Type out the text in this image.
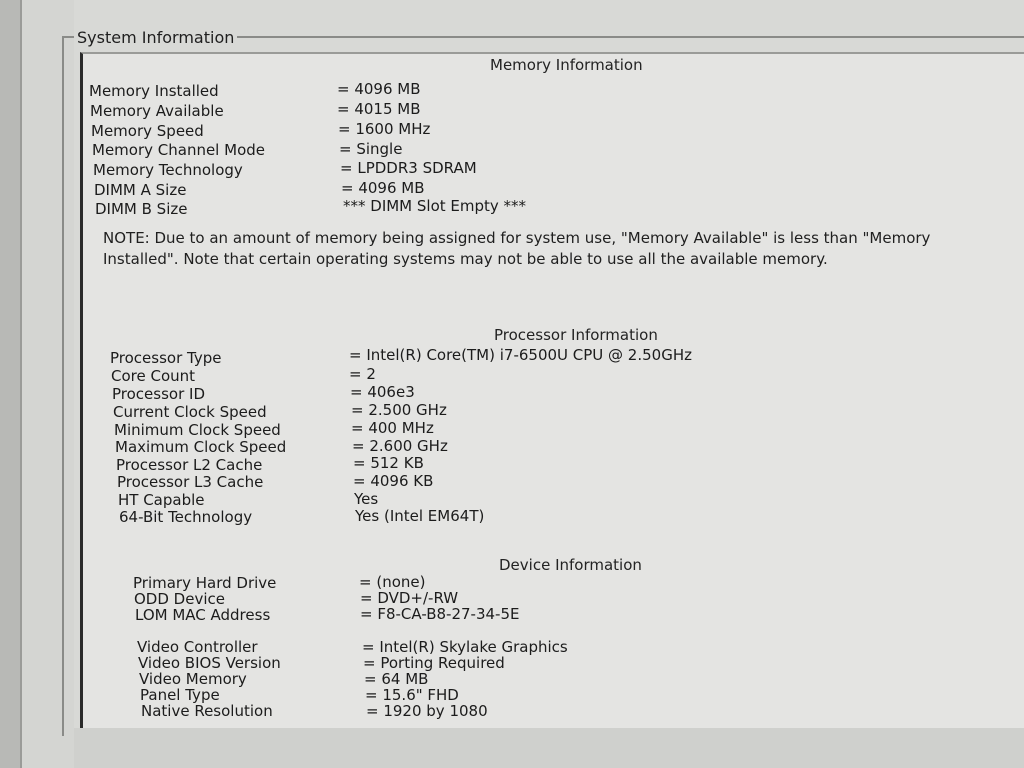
System Information
Memory Information
Memory Installed	= 4096 MB
Memory Available	= 4015 MB
Memory Speed	= 1600 MHz
Memory Channel Mode	= Single
Memory Technology	= LPDDR3 SDRAM
DIMM A Size	= 4096 MB
DIMM B Size	*** DIMM Slot Empty ***
NOTE: Due to an amount of memory being assigned for system use, "Memory Available" is less than "Memory Installed". Note that certain operating systems may not be able to use all the available memory.
Processor Information
Processor Type	= Intel(R) Core(TM) i7-6500U CPU @ 2.50GHz
Core Count	= 2
Processor ID	= 406e3
Current Clock Speed	= 2.500 GHz
Minimum Clock Speed	= 400 MHz
Maximum Clock Speed	= 2.600 GHz
Processor L2 Cache	= 512 KB
Processor L3 Cache	= 4096 KB
HT Capable	Yes
64-Bit Technology	Yes (Intel EM64T)
Device Information
Primary Hard Drive	= (none)
ODD Device	= DVD+/-RW
LOM MAC Address	= F8-CA-B8-27-34-5E
Video Controller	= Intel(R) Skylake Graphics
Video BIOS Version	= Porting Required
Video Memory	= 64 MB
Panel Type	= 15.6" FHD
Native Resolution	= 1920 by 1080
